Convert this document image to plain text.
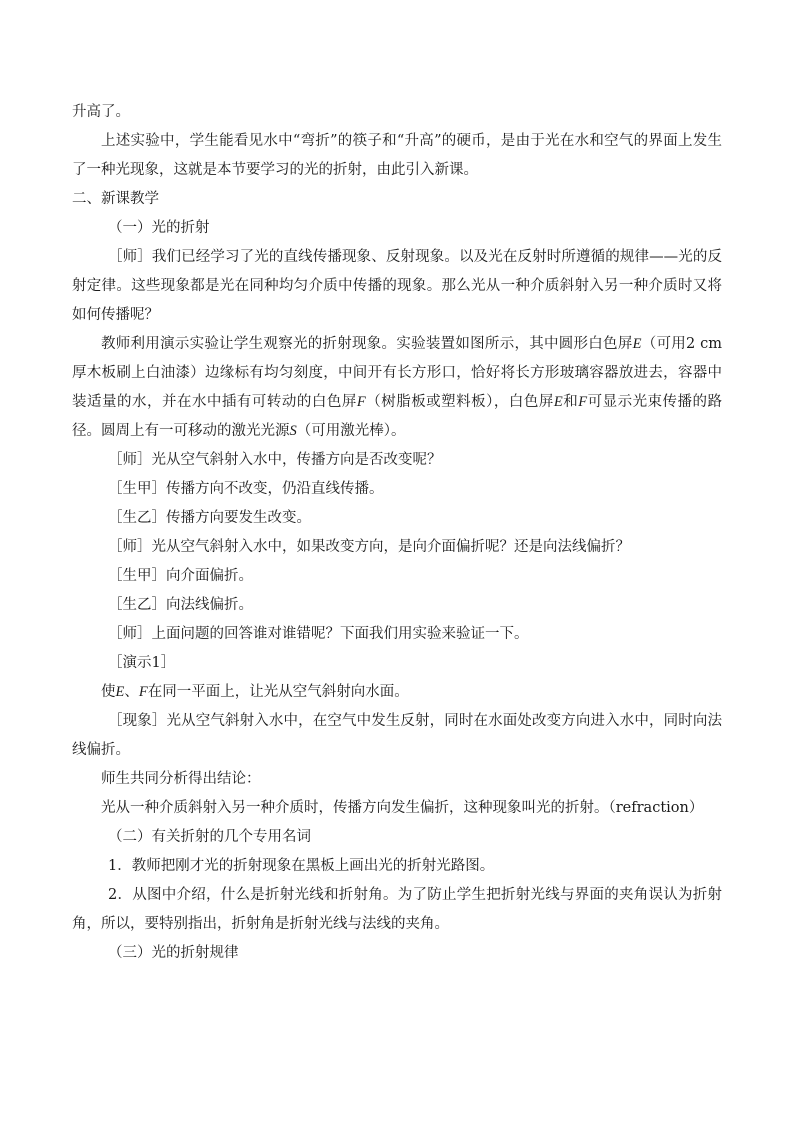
升高了。

上述实验中，学生能看见水中“弯折”的筷子和“升高”的硬币，是由于光在水和空气的界面上发生了一种光现象，这就是本节要学习的光的折射，由此引入新课。

二、新课教学

（一）光的折射

［师］我们已经学习了光的直线传播现象、反射现象。以及光在反射时所遵循的规律——光的反射定律。这些现象都是光在同种均匀介质中传播的现象。那么光从一种介质斜射入另一种介质时又将如何传播呢？

教师利用演示实验让学生观察光的折射现象。实验装置如图所示，其中圆形白色屏E（可用2 cm厚木板刷上白油漆）边缘标有均匀刻度，中间开有长方形口，恰好将长方形玻璃容器放进去，容器中装适量的水，并在水中插有可转动的白色屏F（树脂板或塑料板），白色屏E和F可显示光束传播的路径。圆周上有一可移动的激光光源S（可用激光棒）。

［师］光从空气斜射入水中，传播方向是否改变呢？

［生甲］传播方向不改变，仍沿直线传播。

［生乙］传播方向要发生改变。

［师］光从空气斜射入水中，如果改变方向，是向介面偏折呢？还是向法线偏折？

［生甲］向介面偏折。

［生乙］向法线偏折。

［师］上面问题的回答谁对谁错呢？下面我们用实验来验证一下。

［演示1］

使E、F在同一平面上，让光从空气斜射向水面。

［现象］光从空气斜射入水中，在空气中发生反射，同时在水面处改变方向进入水中，同时向法线偏折。

师生共同分析得出结论：

光从一种介质斜射入另一种介质时，传播方向发生偏折，这种现象叫光的折射。（refraction）

（二）有关折射的几个专用名词

1．教师把刚才光的折射现象在黑板上画出光的折射光路图。

2．从图中介绍，什么是折射光线和折射角。为了防止学生把折射光线与界面的夹角误认为折射角，所以，要特别指出，折射角是折射光线与法线的夹角。

（三）光的折射规律
